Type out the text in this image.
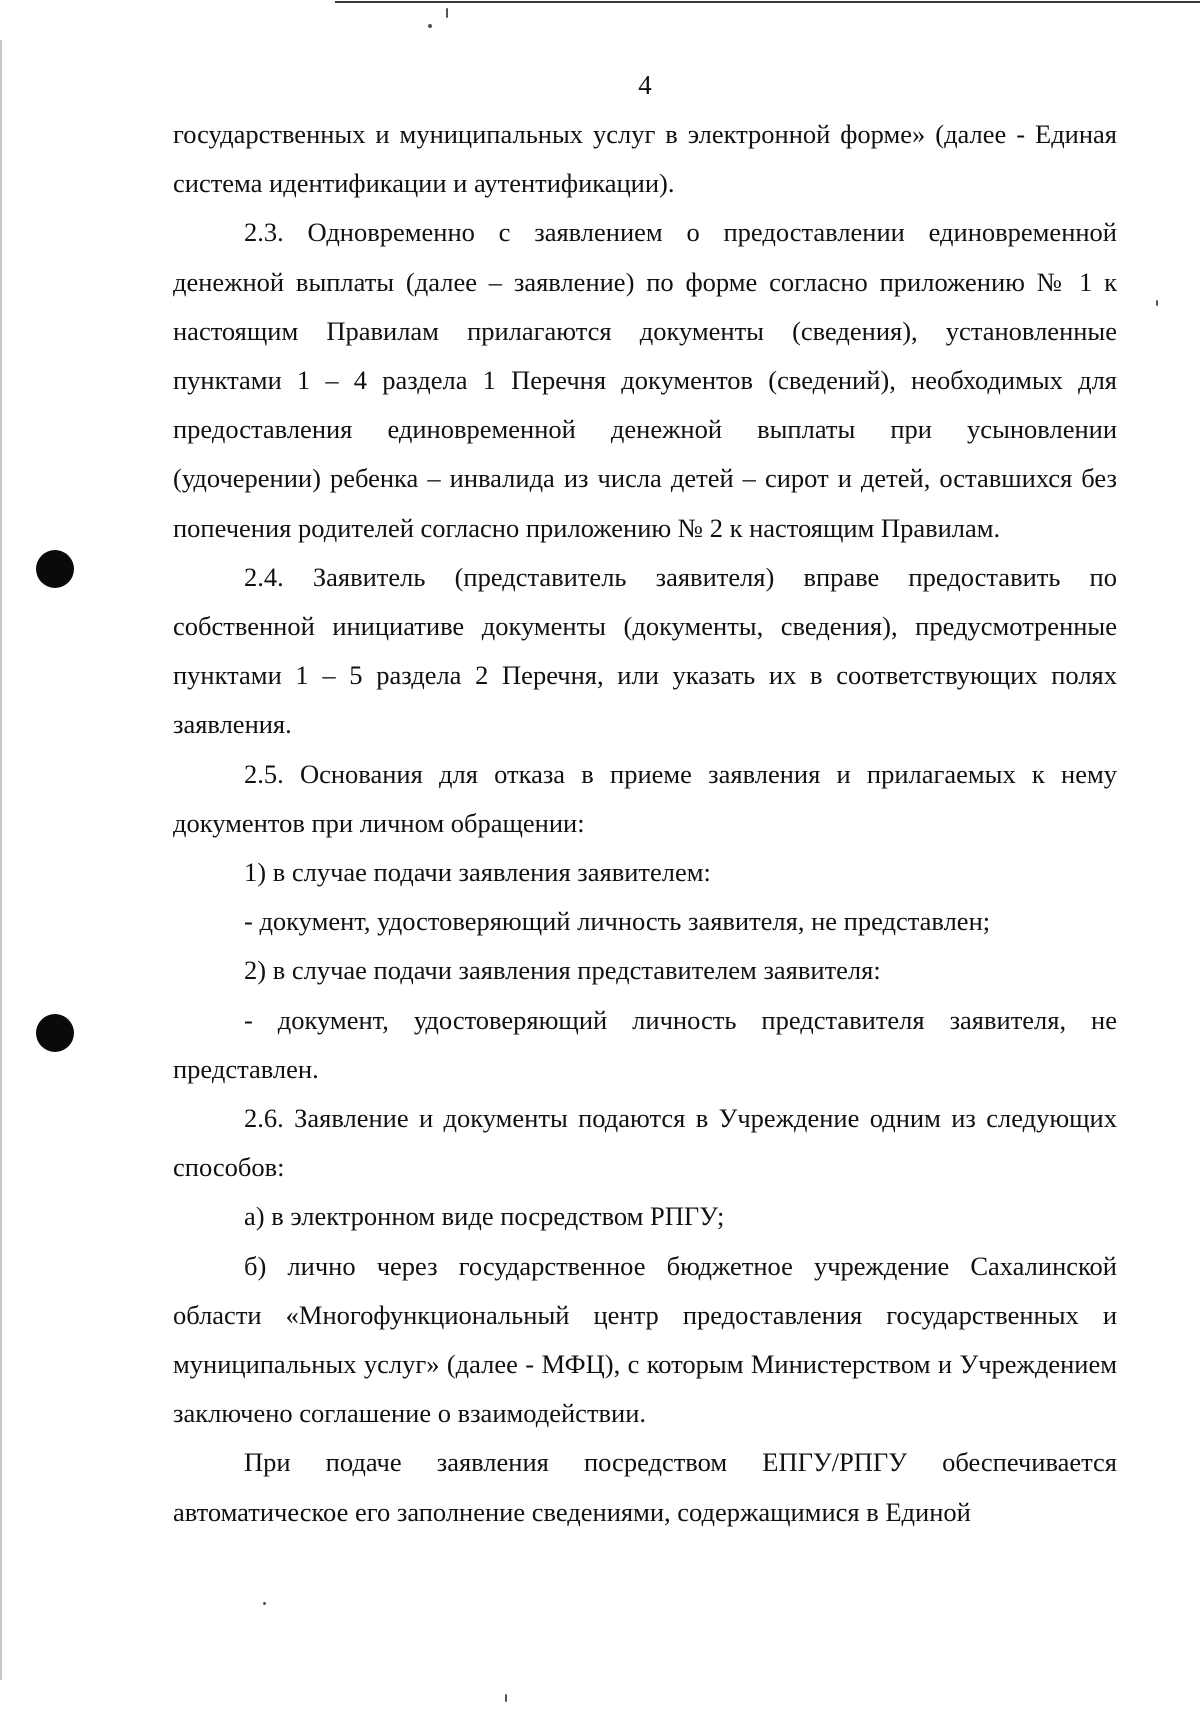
4

государственных и муниципальных услуг в электронной форме» (далее - Единая система идентификации и аутентификации).

2.3. Одновременно с заявлением о предоставлении единовременной денежной выплаты (далее – заявление) по форме согласно приложению № 1 к настоящим Правилам прилагаются документы (сведения), установленные пунктами 1 – 4 раздела 1 Перечня документов (сведений), необходимых для предоставления единовременной денежной выплаты при усыновлении (удочерении) ребенка – инвалида из числа детей – сирот и детей, оставшихся без попечения родителей согласно приложению № 2 к настоящим Правилам.

2.4. Заявитель (представитель заявителя) вправе предоставить по собственной инициативе документы (документы, сведения), предусмотренные пунктами 1 – 5 раздела 2 Перечня, или указать их в соответствующих полях заявления.

2.5. Основания для отказа в приеме заявления и прилагаемых к нему документов при личном обращении:

1) в случае подачи заявления заявителем:

- документ, удостоверяющий личность заявителя, не представлен;

2) в случае подачи заявления представителем заявителя:

- документ, удостоверяющий личность представителя заявителя, не представлен.

2.6. Заявление и документы подаются в Учреждение одним из следующих способов:

а) в электронном виде посредством РПГУ;

б) лично через государственное бюджетное учреждение Сахалинской области «Многофункциональный центр предоставления государственных и муниципальных услуг» (далее - МФЦ), с которым Министерством и Учреждением заключено соглашение о взаимодействии.

При подаче заявления посредством ЕПГУ/РПГУ обеспечивается автоматическое его заполнение сведениями, содержащимися в Единой
